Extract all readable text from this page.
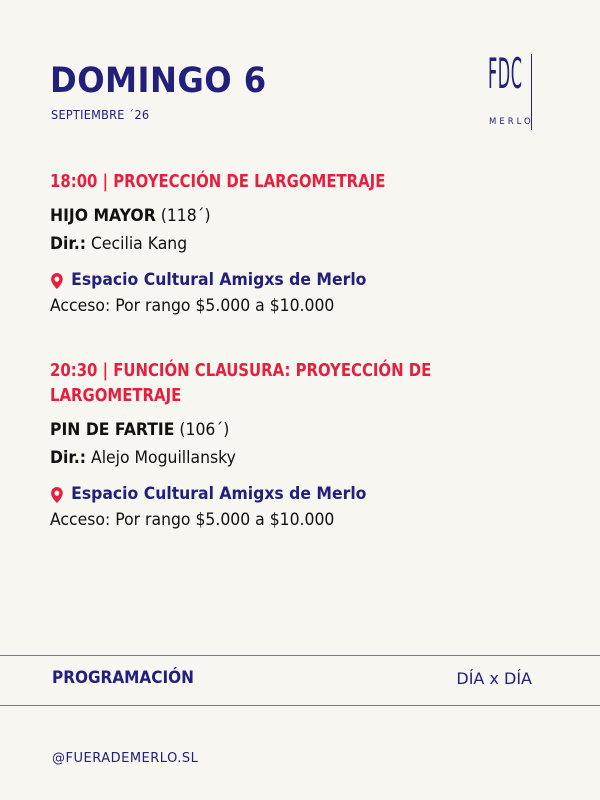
DOMINGO 6
SEPTIEMBRE ´26
FDC
MERLO
18:00 | PROYECCIÓN DE LARGOMETRAJE
HIJO MAYOR (118´)
Dir.: Cecilia Kang
Espacio Cultural Amigxs de Merlo
Acceso: Por rango $5.000 a $10.000
20:30 | FUNCIÓN CLAUSURA: PROYECCIÓN DE LARGOMETRAJE
PIN DE FARTIE (106´)
Dir.: Alejo Moguillansky
Espacio Cultural Amigxs de Merlo
Acceso: Por rango $5.000 a $10.000
PROGRAMACIÓN	DÍA x DÍA
@FUERADEMERLO.SL
